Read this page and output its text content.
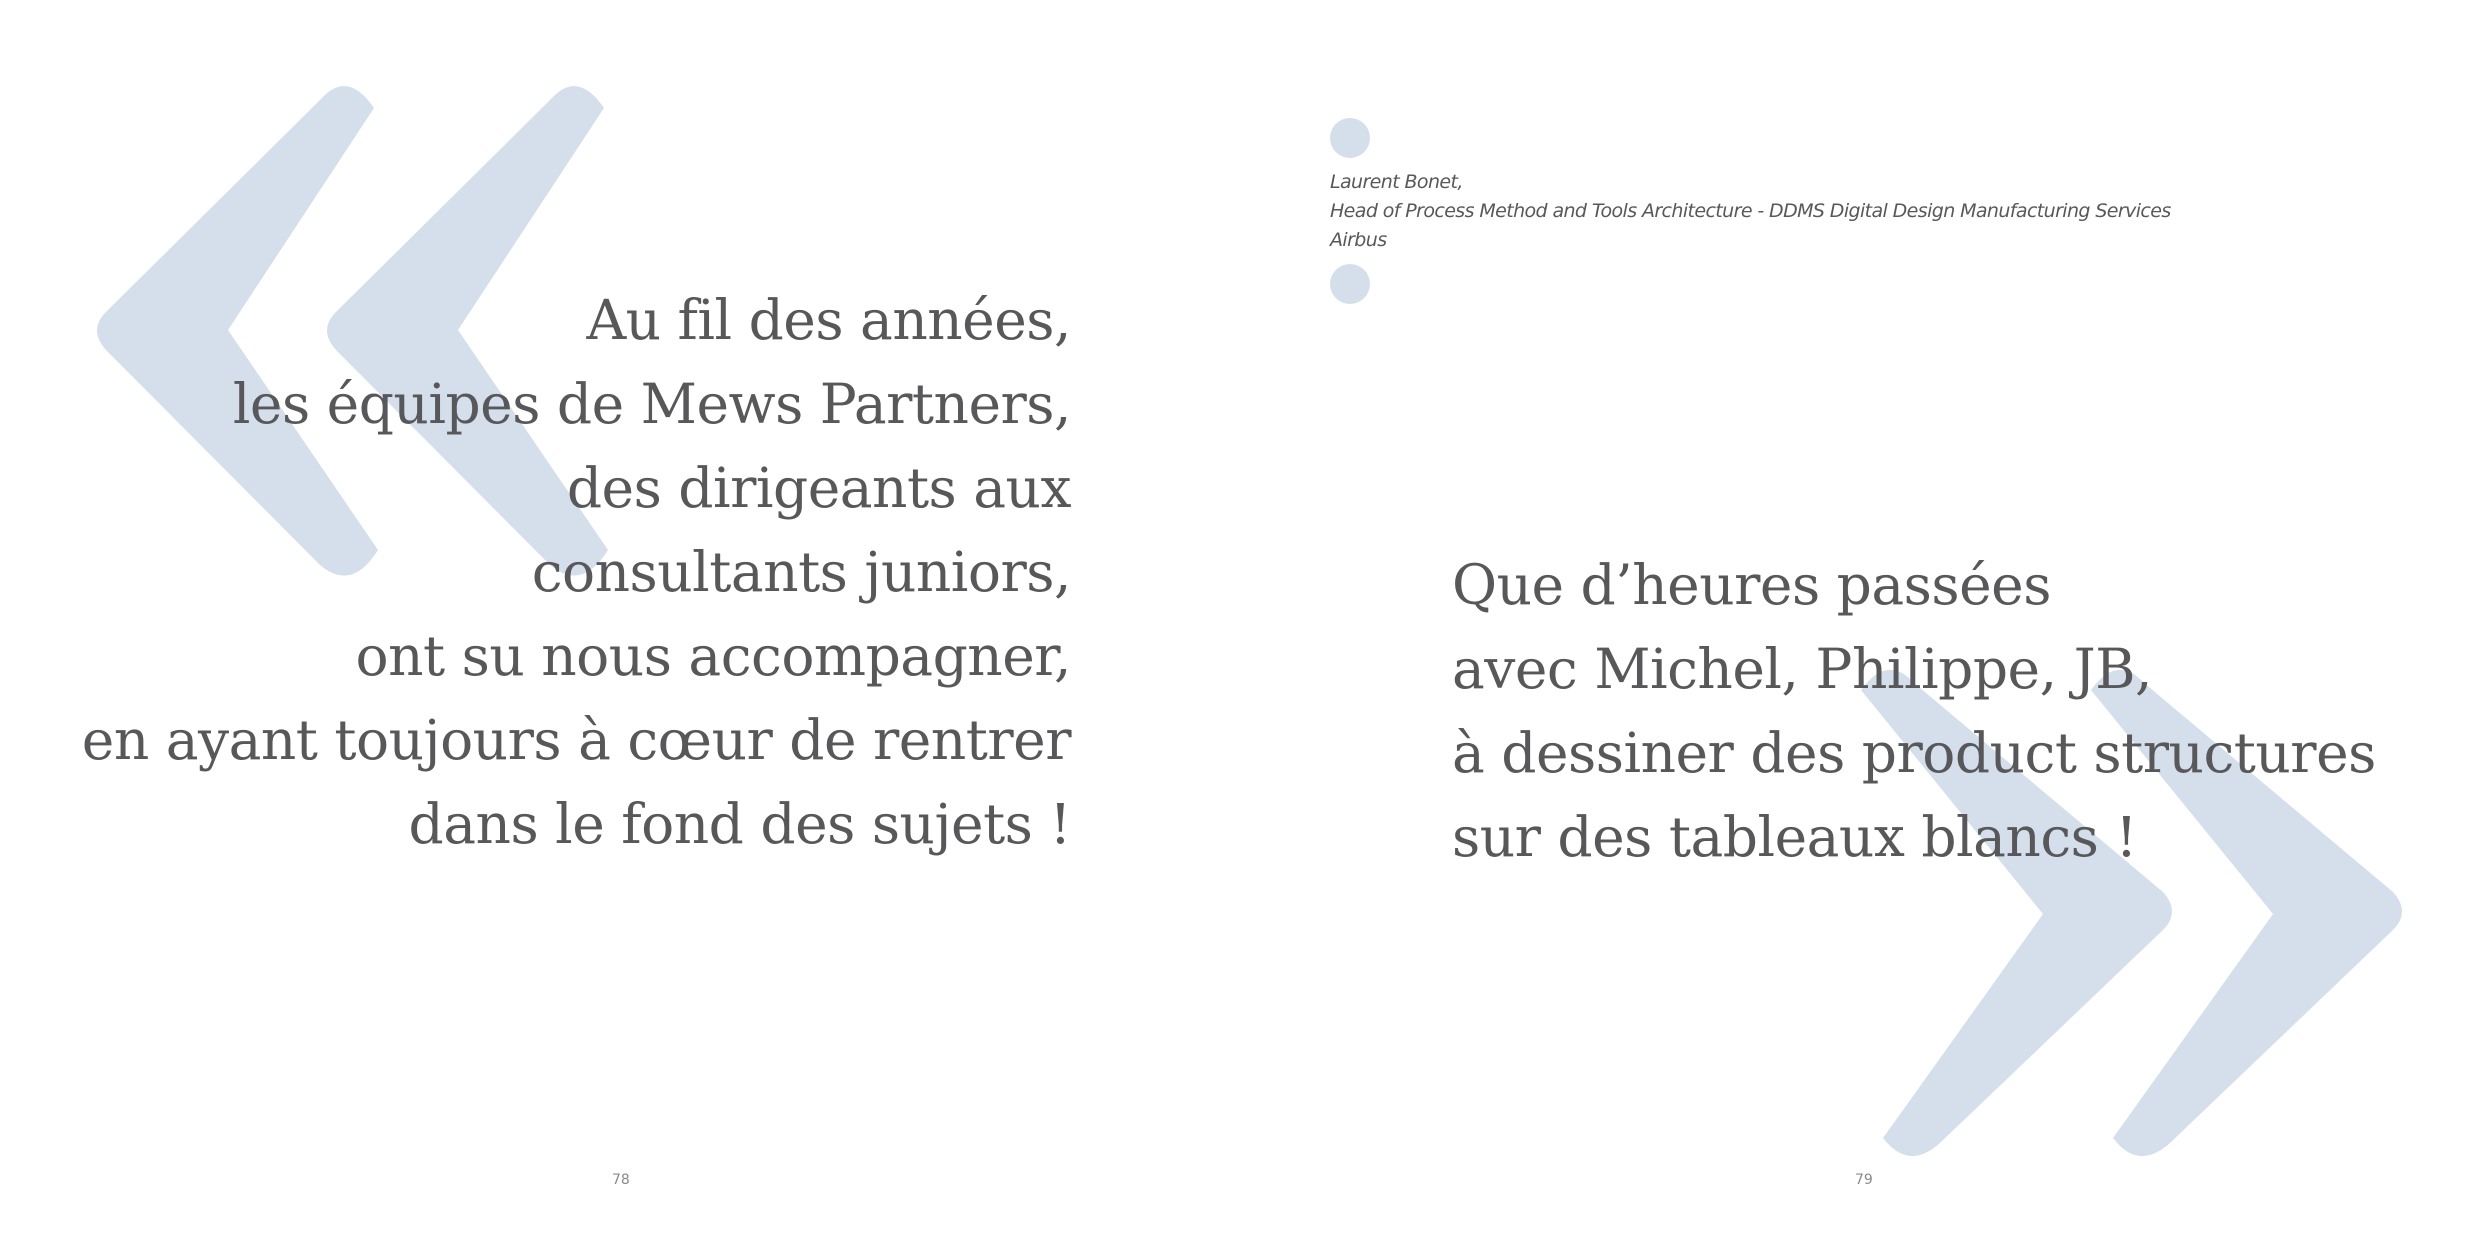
Au fil des années,
les équipes de Mews Partners,
des dirigeants aux
consultants juniors,
ont su nous accompagner,
en ayant toujours à cœur de rentrer
dans le fond des sujets !
78
Laurent Bonet,
Head of Process Method and Tools Architecture - DDMS Digital Design Manufacturing Services
Airbus
Que d’heures passées
avec Michel, Philippe, JB,
à dessiner des product structures
sur des tableaux blancs !
79
